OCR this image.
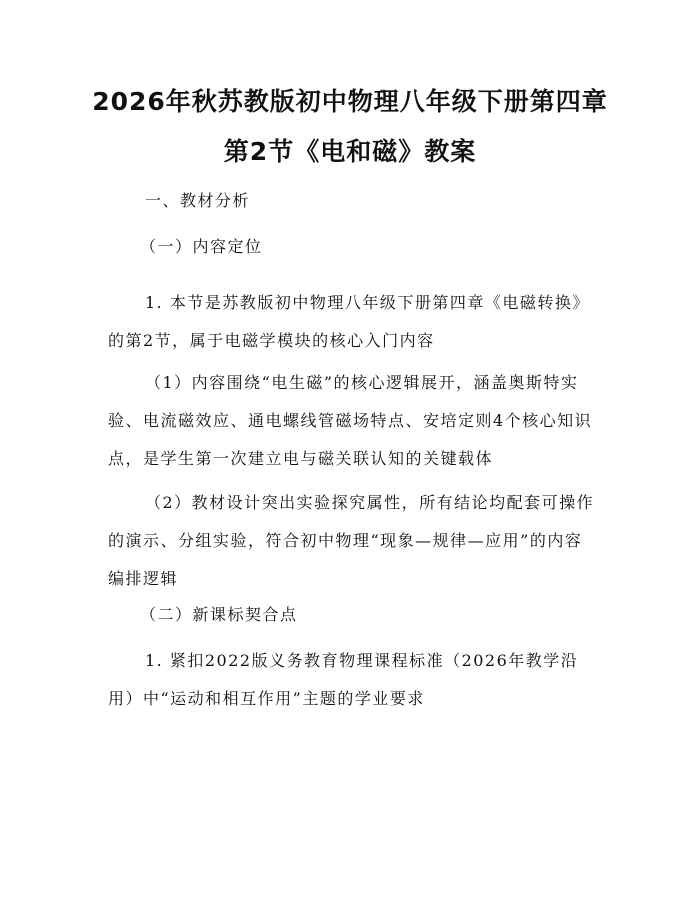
2026年秋苏教版初中物理八年级下册第四章
第2节《电和磁》教案

一、教材分析

（一）内容定位

1. 本节是苏教版初中物理八年级下册第四章《电磁转换》的第2节，属于电磁学模块的核心入门内容

（1）内容围绕“电生磁”的核心逻辑展开，涵盖奥斯特实验、电流磁效应、通电螺线管磁场特点、安培定则4个核心知识点，是学生第一次建立电与磁关联认知的关键载体

（2）教材设计突出实验探究属性，所有结论均配套可操作的演示、分组实验，符合初中物理“现象—规律—应用”的内容编排逻辑

（二）新课标契合点

1. 紧扣2022版义务教育物理课程标准（2026年教学沿用）中“运动和相互作用”主题的学业要求
